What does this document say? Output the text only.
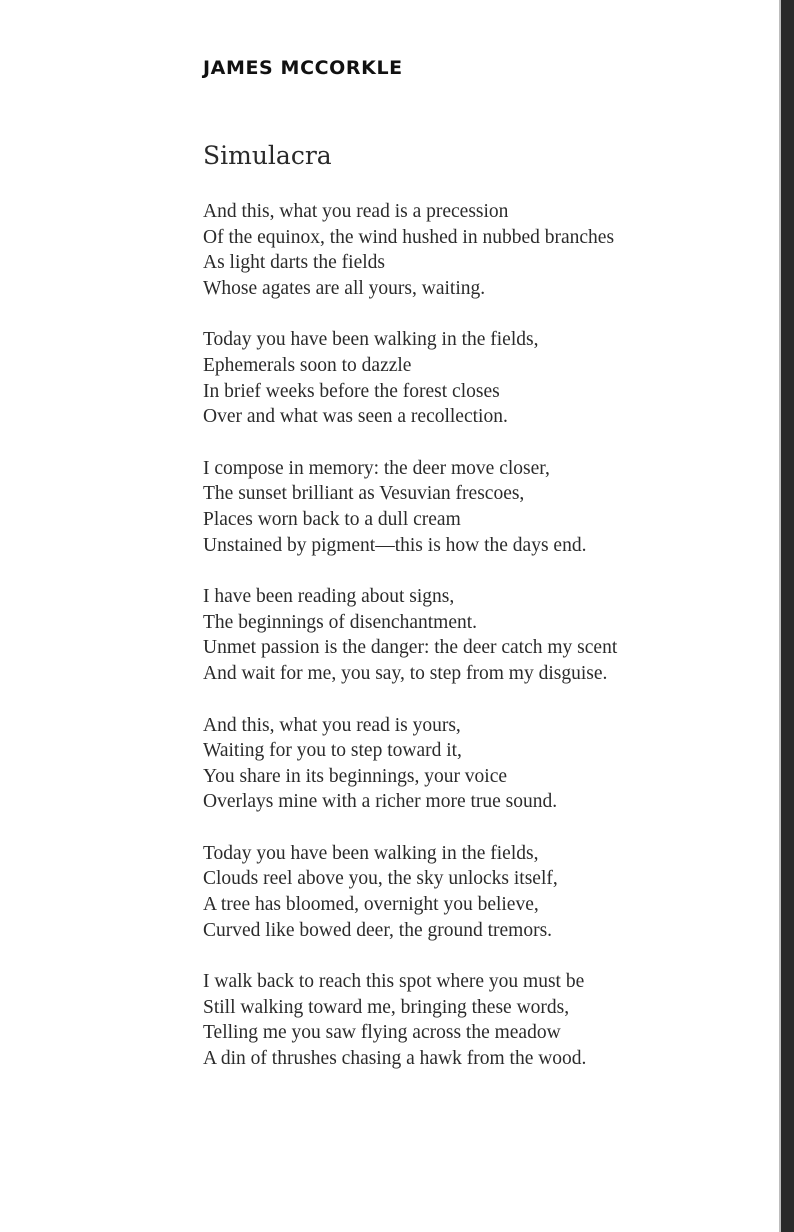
JAMES MCCORKLE
Simulacra
And this, what you read is a precession
Of the equinox, the wind hushed in nubbed branches
As light darts the fields
Whose agates are all yours, waiting.
Today you have been walking in the fields,
Ephemerals soon to dazzle
In brief weeks before the forest closes
Over and what was seen a recollection.
I compose in memory: the deer move closer,
The sunset brilliant as Vesuvian frescoes,
Places worn back to a dull cream
Unstained by pigment—this is how the days end.
I have been reading about signs,
The beginnings of disenchantment.
Unmet passion is the danger: the deer catch my scent
And wait for me, you say, to step from my disguise.
And this, what you read is yours,
Waiting for you to step toward it,
You share in its beginnings, your voice
Overlays mine with a richer more true sound.
Today you have been walking in the fields,
Clouds reel above you, the sky unlocks itself,
A tree has bloomed, overnight you believe,
Curved like bowed deer, the ground tremors.
I walk back to reach this spot where you must be
Still walking toward me, bringing these words,
Telling me you saw flying across the meadow
A din of thrushes chasing a hawk from the wood.
